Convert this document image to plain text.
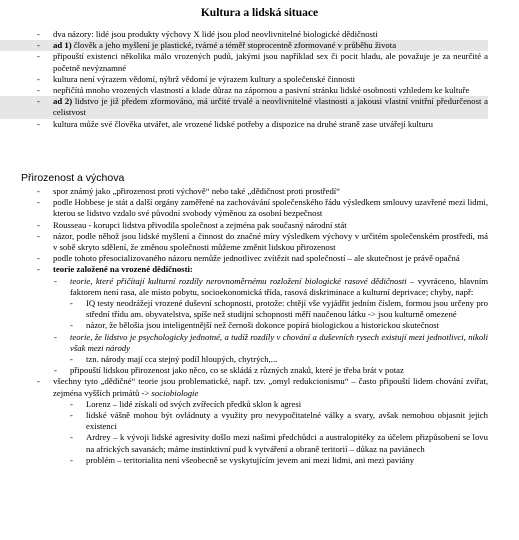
Kultura a lidská situace
-	dva názory: lidé jsou produkty výchovy X lidé jsou plod neovlivnitelné biologické dědičnosti
-	ad 1) člověk a jeho myšlení je plastické, tvárné a téměř stoprocentně zformované v průběhu života
-	připouští existenci několika málo vrozených pudů, jakými jsou například sex či pocit hladu, ale považuje je za neurčité a početně nevýznamné
-	kultura není výrazem vědomí, nýbrž vědomí je výrazem kultury a společenské činnosti
-	nepřičítá mnoho vrozených vlastností a klade důraz na zápornou a pasivní stránku lidské osobnosti vzhledem ke kultuře
-	ad 2) lidstvo je již předem zformováno, má určité trvalé a neovlivnitelné vlastnosti a jakousi vlastní vnitřní předurčenost a celistvost
-	kultura může své člověka utvářet, ale vrozené lidské potřeby a dispozice na druhé straně zase utvářejí kulturu
Přirozenost a výchova
-	spor známý jako „přirozenost proti výchově“ nebo také „dědičnost proti prostředí“
-	podle Hobbese je stát a další orgány zaměřené na zachovávání společenského řádu výsledkem smlouvy uzavřené mezi lidmi, kterou se lidstvo vzdalo své původní svobody výměnou za osobní bezpečnost
-	Rousseau - korupci lidstva přivodila společnost a zejména pak současný národní stát
-	názor, podle něhož jsou lidské myšlení a činnost do značné míry výsledkem výchovy v určitém společenském prostředí, má v sobě skryto sdělení, že změnou společnosti můžeme změnit lidskou přirozenost
-	podle tohoto přesocializovaného názoru nemůže jednotlivec zvítězit nad společností – ale skutečnost je právě opačná
-	teorie založené na vrozené dědičnosti:
-	teorie, které přičítají kulturní rozdíly nerovnoměrnému rozložení biologické rasové dědičnosti – vyvráceno, hlavním faktorem není rasa, ale místo pobytu, socioekonomická třída, rasová diskriminace a kulturní deprivace; chyby, např:
-	IQ testy neodrážejí vrozené duševní schopnosti, protože: chtějí vše vyjádřit jedním číslem, formou jsou určeny pro střední třídu am. obyvatelstva, spíše než studijní schopnosti měří naučenou látku -> jsou kulturně omezené
-	názor, že bělošia jsou inteligentnější než černoši dokonce popírá biologickou a historickou skutečnost
-	teorie, že lidstvo je psychologicky jednotné, a tudíž rozdíly v chování a duševních rysech existují mezi jednotlivci, nikoli však mezi národy
-	tzn. národy mají cca stejný podíl hloupých, chytrých,...
-	připouští lidskou přirozenost jako něco, co se skládá z různých znaků, které je třeba brát v potaz
-	všechny tyto „dědičné“ teorie jsou problematické, např. tzv. „omyl redukcionismu“ – často připouští lidem chování zvířat, zejména vyšších primátů -> sociobiologie
-	Lorenz – lidé získali od svých zvířecích předků sklon k agresi
-	lidské vášně mohou být ovládnuty a využity pro nevypočitatelné války a svary, avšak nemohou objasnit jejich existenci
-	Ardrey – k vývoji lidské agresivity došlo mezi našimi předchůdci a australopitéky za účelem přizpůsobení se lovu na afrických savanách; máme instinktivní pud k vytváření a obraně teritorií – důkaz na paviánech
-	problém – teritorialita není všeobecně se vyskytujícím jevem ani mezi lidmi, ani mezi paviány
